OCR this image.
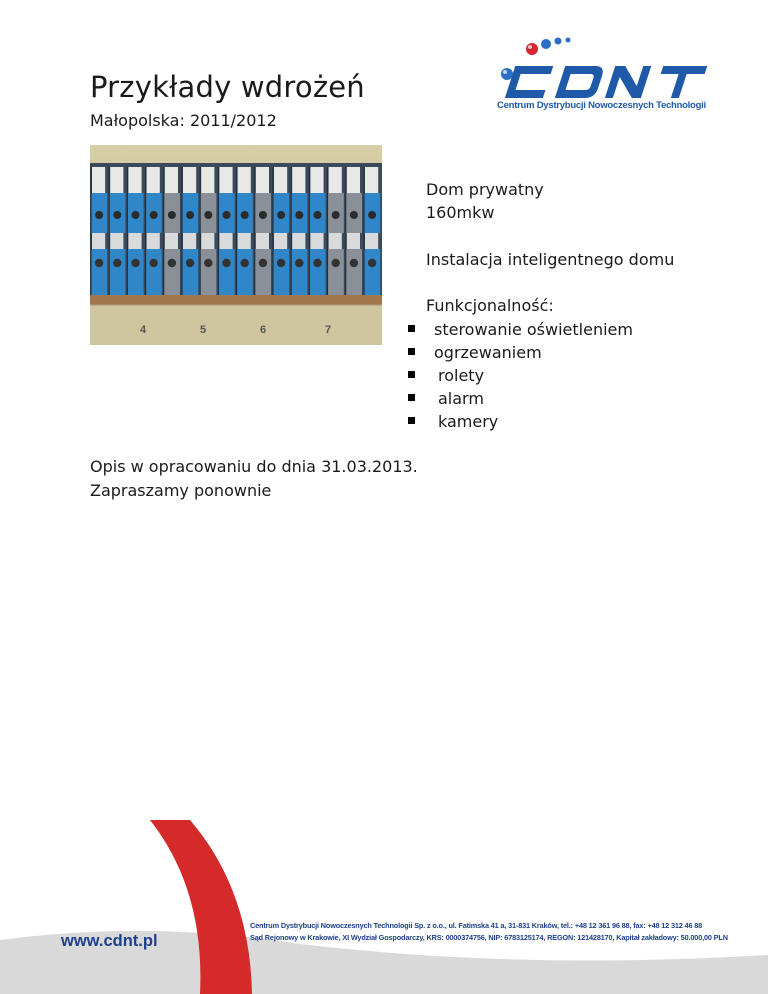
Przykłady wdrożeń
Małopolska: 2011/2012
Centrum Dystrybucji Nowoczesnych Technologii
4	5	6	7
Dom prywatny
160mkw
Instalacja inteligentnego domu
Funkcjonalność:
sterowanie oświetleniem
ogrzewaniem
rolety
alarm
kamery
Opis w opracowaniu do dnia 31.03.2013.
Zapraszamy ponownie
www.cdnt.pl
Centrum Dystrybucji Nowoczesnych Technologii Sp. z o.o., ul. Fatimska 41 a, 31-831 Kraków, tel.: +48 12 361 96 88, fax: +48 12 312 46 88
Sąd Rejonowy w Krakowie, XI Wydział Gospodarczy, KRS: 0000374756, NIP: 6783125174, REGON: 121428170, Kapitał zakładowy: 50.000,00 PLN
